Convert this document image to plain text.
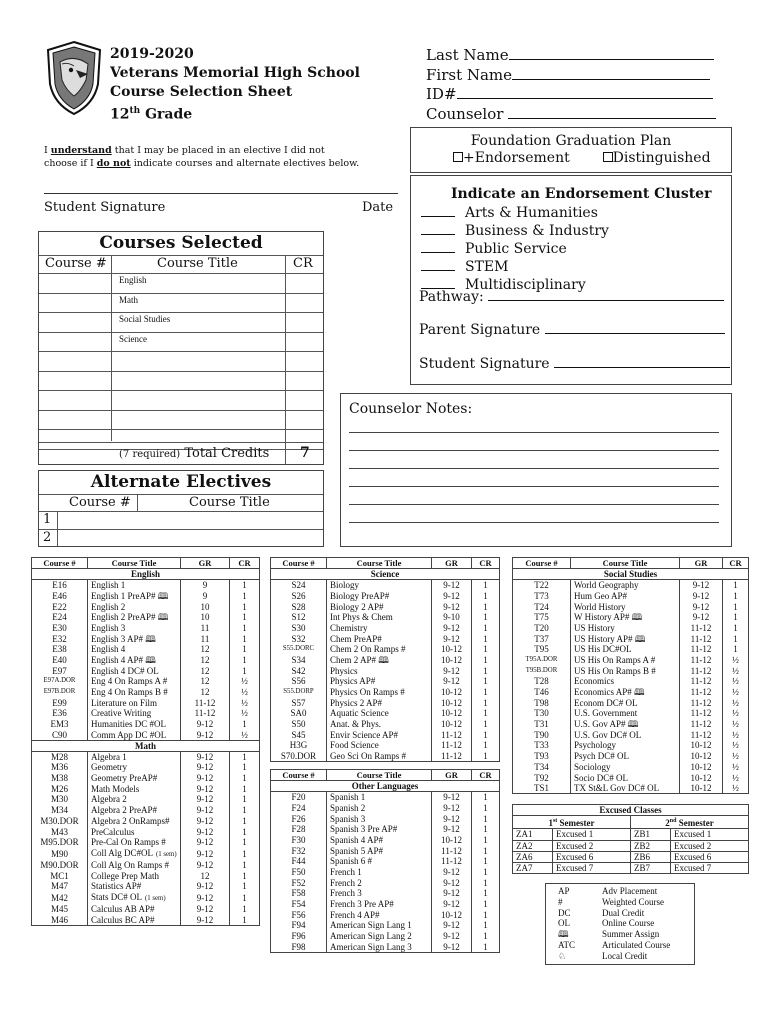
2019-2020
Veterans Memorial High School
Course Selection Sheet
12th Grade
Last Name
First Name
ID#
Counselor
I understand that I may be placed in an elective I did not
choose if I do not indicate courses and alternate electives below.
Student Signature	Date
Courses Selected
Course #	Course Title	CR
English
Math
Social Studies
Science
(7 required) Total Credits 7
Alternate Electives
Course #	Course Title
1
2
Foundation Graduation Plan
+Endorsement	Distinguished
Indicate an Endorsement Cluster
Arts & Humanities
Business & Industry
Public Service
STEM
Multidisciplinary
Pathway:
Parent Signature
Student Signature
Counselor Notes:
Course #	Course Title	GR	CR
English			
E16	English 1	9	1
E46	English 1 PreAP# 🕮	9	1
E22	English 2	10	1
E24	English 2 PreAP# 🕮	10	1
E30	English 3	11	1
E32	English 3 AP# 🕮	11	1
E38	English 4	12	1
E40	English 4 AP# 🕮	12	1
E97	English 4 DC# OL	12	1
E97A.DOR	Eng 4 On Ramps A #	12	½
E97B.DOR	Eng 4 On Ramps B #	12	½
E99	Literature on Film	11-12	½
E36	Creative Writing	11-12	½
EM3	Humanities DC #OL	9-12	1
C90	Comm App DC #OL	9-12	½
Math			
M28	Algebra 1	9-12	1
M36	Geometry	9-12	1
M38	Geometry PreAP#	9-12	1
M26	Math Models	9-12	1
M30	Algebra 2	9-12	1
M34	Algebra 2 PreAP#	9-12	1
M30.DOR	Algebra 2 OnRamps#	9-12	1
M43	PreCalculus	9-12	1
M95.DOR	Pre-Cal On Ramps #	9-12	1
M90	Coll Alg DC#OL (1 sem)	9-12	1
M90.DOR	Coll Alg On Ramps #	9-12	1
MC1	College Prep Math	12	1
M47	Statistics AP#	9-12	1
M42	Stats DC# OL (1 sem)	9-12	1
M45	Calculus AB AP#	9-12	1
M46	Calculus BC AP#	9-12	1
Course #	Course Title	GR	CR
Science			
S24	Biology	9-12	1
S26	Biology PreAP#	9-12	1
S28	Biology 2 AP#	9-12	1
S12	Int Phys & Chem	9-10	1
S30	Chemistry	9-12	1
S32	Chem PreAP#	9-12	1
S55.DORC	Chem 2 On Ramps #	10-12	1
S34	Chem 2 AP# 🕮	10-12	1
S42	Physics	9-12	1
S56	Physics AP#	9-12	1
S55.DORP	Physics On Ramps #	10-12	1
S57	Physics 2 AP#	10-12	1
SA0	Aquatic Science	10-12	1
S50	Anat. & Phys.	10-12	1
S45	Envir Science AP#	11-12	1
H3G	Food Science	11-12	1
S70.DOR	Geo Sci On Ramps #	11-12	1
Course #	Course Title	GR	CR
Other Languages			
F20	Spanish 1	9-12	1
F24	Spanish 2	9-12	1
F26	Spanish 3	9-12	1
F28	Spanish 3 Pre AP#	9-12	1
F30	Spanish 4 AP#	10-12	1
F32	Spanish 5 AP#	11-12	1
F44	Spanish 6 #	11-12	1
F50	French 1	9-12	1
F52	French 2	9-12	1
F58	French 3	9-12	1
F54	French 3 Pre AP#	9-12	1
F56	French 4 AP#	10-12	1
F94	American Sign Lang 1	9-12	1
F96	American Sign Lang 2	9-12	1
F98	American Sign Lang 3	9-12	1
Course #	Course Title	GR	CR
Social Studies			
T22	World Geography	9-12	1
T73	Hum Geo AP#	9-12	1
T24	World History	9-12	1
T75	W History AP# 🕮	9-12	1
T20	US History	11-12	1
T37	US History AP# 🕮	11-12	1
T95	US His DC#OL	11-12	1
T95A.DOR	US His On Ramps A #	11-12	½
T95B.DOR	US His On Ramps B #	11-12	½
T28	Economics	11-12	½
T46	Economics AP# 🕮	11-12	½
T98	Econom DC# OL	11-12	½
T30	U.S. Government	11-12	½
T31	U.S. Gov AP# 🕮	11-12	½
T90	U.S. Gov DC# OL	11-12	½
T33	Psychology	10-12	½
T93	Psych DC# OL	10-12	½
T34	Sociology	10-12	½
T92	Socio DC# OL	10-12	½
TS1	TX St&L Gov DC# OL	10-12	½
Excused Classes			
1st Semester		2nd Semester	
ZA1	Excused 1	ZB1	Excused 1
ZA2	Excused 2	ZB2	Excused 2
ZA6	Excused 6	ZB6	Excused 6
ZA7	Excused 7	ZB7	Excused 7
AP	Adv Placement
#	Weighted Course
DC	Dual Credit
OL	Online Course
🕮	Summer Assign
ATC	Articulated Course
♘	Local Credit
